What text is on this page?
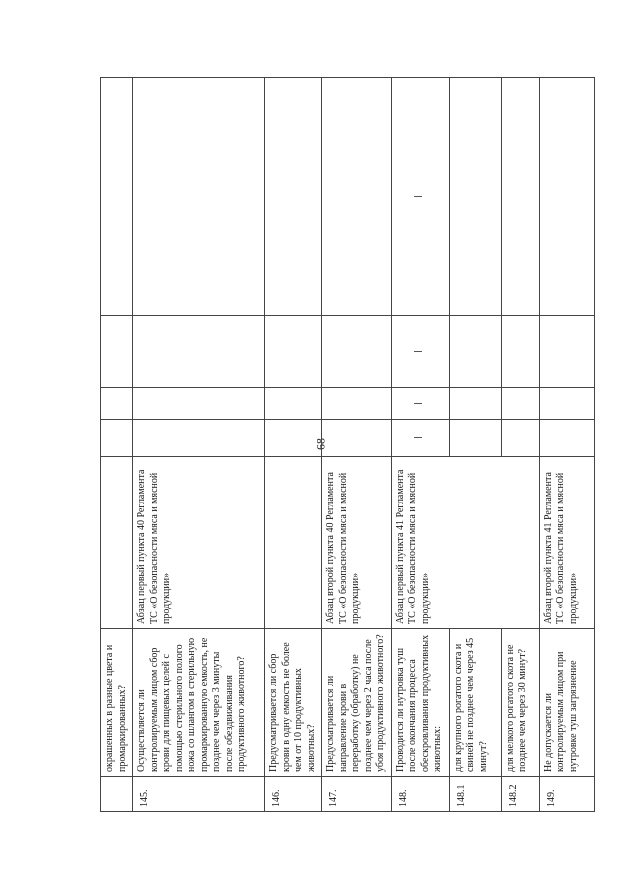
68
	окрашенных в разные цвета и промаркированных?					
145.	Осуществляется ли контролируемым лицом сбор крови для пищевых целей с помощью стерильного полого ножа со шлангом в стерильную промаркированную емкость, не позднее чем через 3 минуты после обездвиживания продуктивного животного?	Абзац первый пункта 40 Регламента ТС «О безопасности мяса и мясной продукции»				
146.	Предусматривается ли сбор крови в одну емкость не более чем от 10 продуктивных животных?					
147.	Предусматривается ли направление крови в переработку (обработку) не позднее чем через 2 часа после убоя продуктивного животного?	Абзац второй пункта 40 Регламента ТС «О безопасности мяса и мясной продукции»				
148.	Проводится ли нутровка туш после окончания процесса обескровливания продуктивных животных:	Абзац первый пункта 41 Регламента ТС «О безопасности мяса и мясной продукции»				
148.1	для крупного рогатого скота и свиней не позднее чем через 45 минут?					
148.2	для мелкого рогатого скота не позднее чем через 30 минут?					
149.	Не допускается ли контролируемым лицом при нутровке туш загрязнение	Абзац второй пункта 41 Регламента ТС «О безопасности мяса и мясной продукции»				
